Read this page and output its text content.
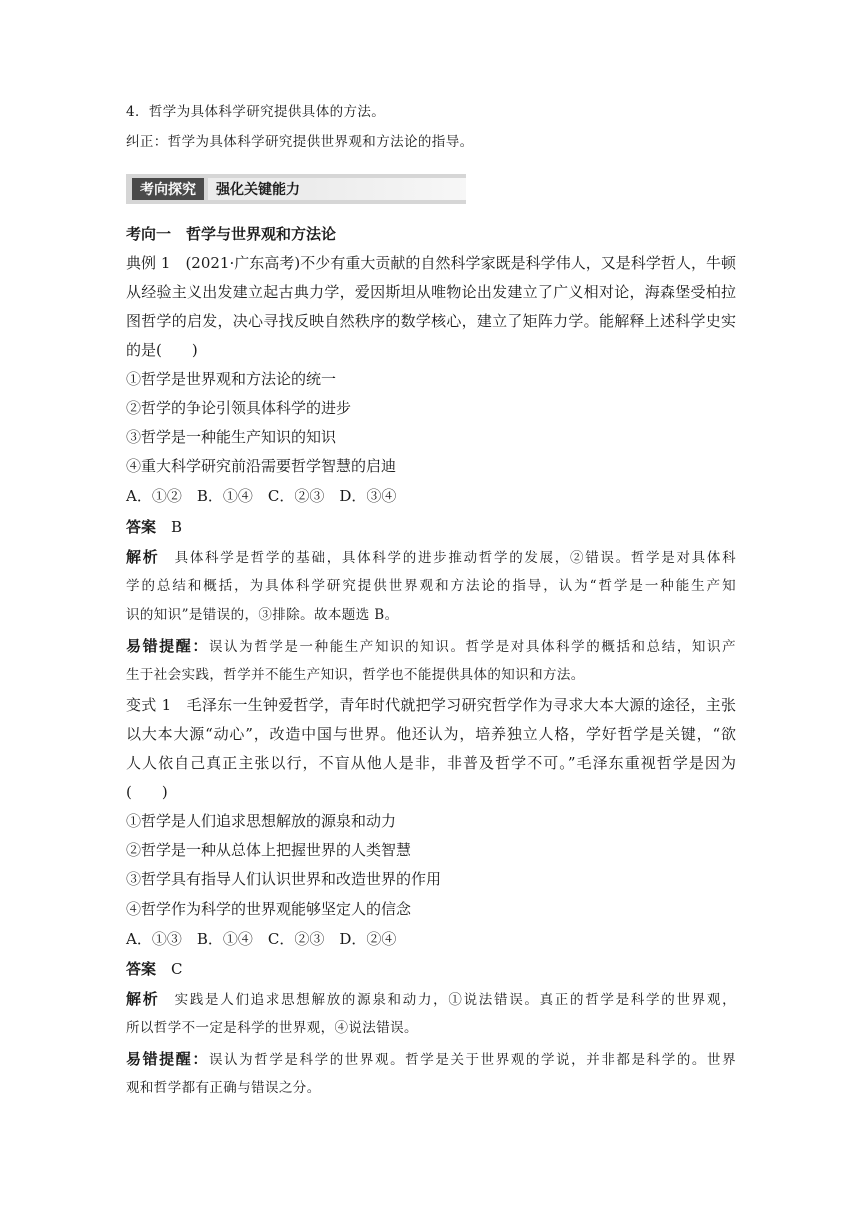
4．哲学为具体科学研究提供具体的方法。
纠正：哲学为具体科学研究提供世界观和方法论的指导。
考向探究	强化关键能力
考向一　哲学与世界观和方法论
典例 1　(2021·广东高考)不少有重大贡献的自然科学家既是科学伟人，又是科学哲人，牛顿
从经验主义出发建立起古典力学，爱因斯坦从唯物论出发建立了广义相对论，海森堡受柏拉
图哲学的启发，决心寻找反映自然秩序的数学核心，建立了矩阵力学。能解释上述科学史实
的是(　　)
①哲学是世界观和方法论的统一
②哲学的争论引领具体科学的进步
③哲学是一种能生产知识的知识
④重大科学研究前沿需要哲学智慧的启迪
A．①②　B．①④　C．②③　D．③④
答案　 B
解析　 具体科学是哲学的基础，具体科学的进步推动哲学的发展，②错误。哲学是对具体科
学的总结和概括，为具体科学研究提供世界观和方法论的指导，认为“哲学是一种能生产知
识的知识”是错误的，③排除。故本题选 B。
易错提醒：误认为哲学是一种能生产知识的知识。哲学是对具体科学的概括和总结，知识产
生于社会实践，哲学并不能生产知识，哲学也不能提供具体的知识和方法。
变式 1　毛泽东一生钟爱哲学，青年时代就把学习研究哲学作为寻求大本大源的途径，主张
以大本大源“动心”，改造中国与世界。他还认为，培养独立人格，学好哲学是关键，“欲
人人依自己真正主张以行，不盲从他人是非，非普及哲学不可。”毛泽东重视哲学是因为
(　　)
①哲学是人们追求思想解放的源泉和动力
②哲学是一种从总体上把握世界的人类智慧
③哲学具有指导人们认识世界和改造世界的作用
④哲学作为科学的世界观能够坚定人的信念
A．①③　B．①④　C．②③　D．②④
答案　 C
解析　 实践是人们追求思想解放的源泉和动力，①说法错误。真正的哲学是科学的世界观，
所以哲学不一定是科学的世界观，④说法错误。
易错提醒：误认为哲学是科学的世界观。哲学是关于世界观的学说，并非都是科学的。世界
观和哲学都有正确与错误之分。
